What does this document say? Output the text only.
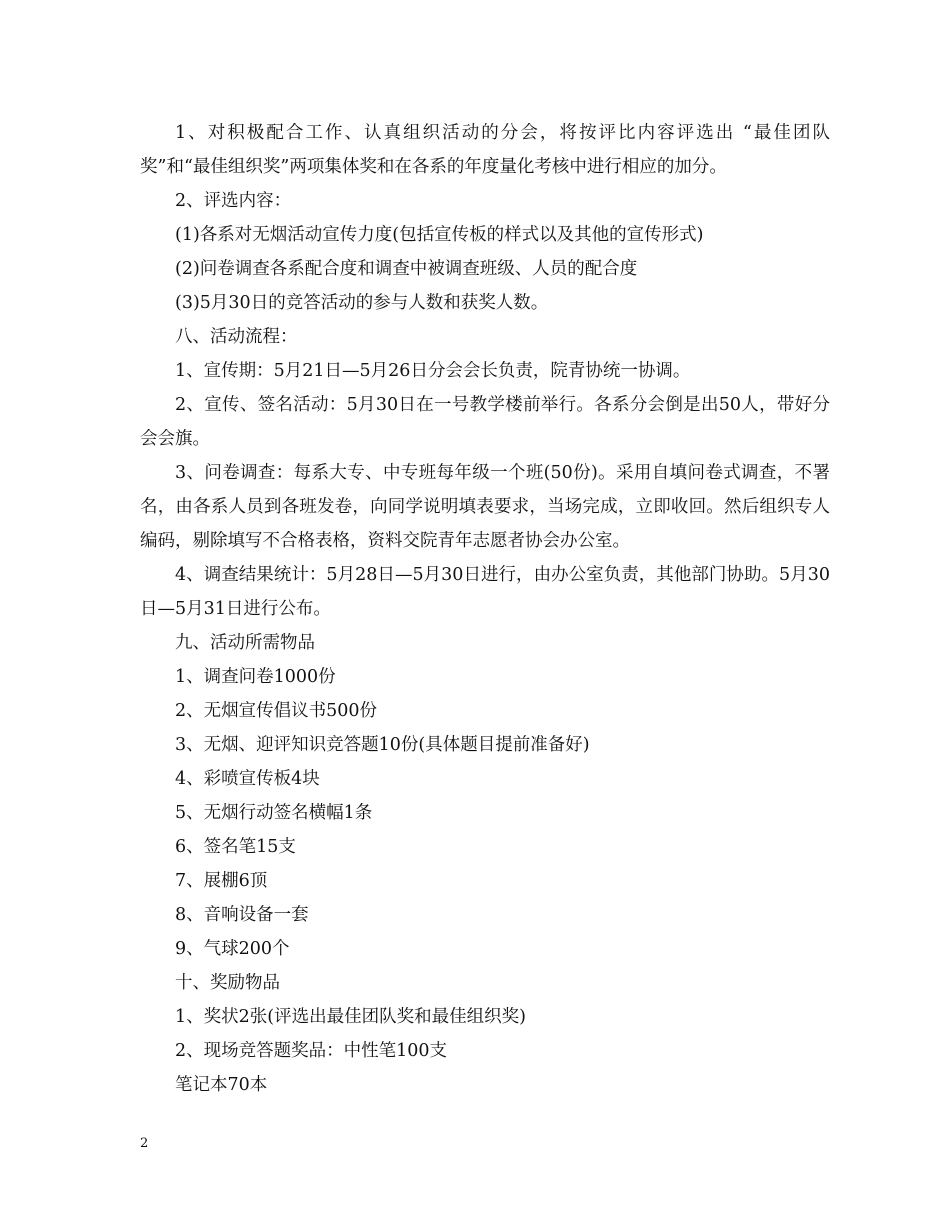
1、对积极配合工作、认真组织活动的分会，将按评比内容评选出 “最佳团队奖”和“最佳组织奖”两项集体奖和在各系的年度量化考核中进行相应的加分。

2、评选内容：

(1)各系对无烟活动宣传力度(包括宣传板的样式以及其他的宣传形式)

(2)问卷调查各系配合度和调查中被调查班级、人员的配合度

(3)5月30日的竞答活动的参与人数和获奖人数。

八、活动流程：

1、宣传期：5月21日—5月26日分会会长负责，院青协统一协调。

2、宣传、签名活动：5月30日在一号教学楼前举行。各系分会倒是出50人，带好分会会旗。

3、问卷调查：每系大专、中专班每年级一个班(50份)。采用自填问卷式调查，不署名，由各系人员到各班发卷，向同学说明填表要求，当场完成，立即收回。然后组织专人编码，剔除填写不合格表格，资料交院青年志愿者协会办公室。

4、调查结果统计：5月28日—5月30日进行，由办公室负责，其他部门协助。5月30日—5月31日进行公布。

九、活动所需物品

1、调查问卷1000份

2、无烟宣传倡议书500份

3、无烟、迎评知识竞答题10份(具体题目提前准备好)

4、彩喷宣传板4块

5、无烟行动签名横幅1条

6、签名笔15支

7、展棚6顶

8、音响设备一套

9、气球200个

十、奖励物品

1、奖状2张(评选出最佳团队奖和最佳组织奖)

2、现场竞答题奖品：中性笔100支

笔记本70本

2
